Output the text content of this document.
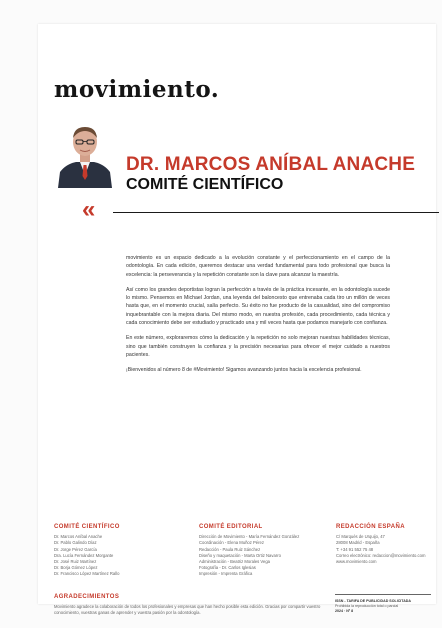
movimiento.
DR. MARCOS ANÍBAL ANACHE
COMITÉ CIENTÍFICO
«

movimiento es un espacio dedicado a la evolución constante y el perfeccionamiento en el campo de la odontología. En cada edición, queremos destacar una verdad fundamental para todo profesional que busca la excelencia: la perseverancia y la repetición constante son la clave para alcanzar la maestría.

Así como los grandes deportistas logran la perfección a través de la práctica incesante, en la odontología sucede lo mismo. Pensemos en Michael Jordan, una leyenda del baloncesto que entrenaba cada tiro un millón de veces hasta que, en el momento crucial, salía perfecto. Su éxito no fue producto de la casualidad, sino del compromiso inquebrantable con la mejora diaria. Del mismo modo, en nuestra profesión, cada procedimiento, cada técnica y cada conocimiento debe ser estudiado y practicado una y mil veces hasta que podamos manejarlo con confianza.

En este número, exploraremos cómo la dedicación y la repetición no solo mejoran nuestras habilidades técnicas, sino que también construyen la confianza y la precisión necesarias para ofrecer el mejor cuidado a nuestros pacientes.

¡Bienvenidos al número 8 de #Movimiento! Sigamos avanzando juntos hacia la excelencia profesional.

COMITÉ CIENTÍFICO
Dr. Marcos Aníbal Anache
Dr. Pablo Galindo Díaz
Dr. Jorge Pérez García
Dra. Lucía Fernández Morgante
Dr. José Ruiz Martínez
Dr. Borja Gómez López
Dr. Francisco López Martínez Rallo
COMITÉ EDITORIAL
Dirección de Movimiento - María Fernández González
Coordinación - Elena Muñoz Pérez
Redacción - Paula Ruiz Sánchez
Diseño y maquetación - Marta Ortiz Navarro
Administración - Beatriz Morales Vega
Fotografía - Dr. Carlos Iglesias
Impresión - Imprenta Gráfica
REDACCIÓN ESPAÑA
C/ Marqués de Urquijo, 47
28008 Madrid - España
T: +34 91 552 75 48
Correo electrónico: redaccion@movimiento.com
www.movimiento.com
AGRADECIMIENTOS
Movimiento agradece la colaboración de todos los profesionales y empresas que han hecho posible esta edición. Gracias por compartir vuestro conocimiento, vuestras ganas de aprender y vuestra pasión por la odontología.
ISSN - TARIFA DE PUBLICIDAD SOLICITADA
Prohibida la reproducción total o parcial
2024 · Nº 8
